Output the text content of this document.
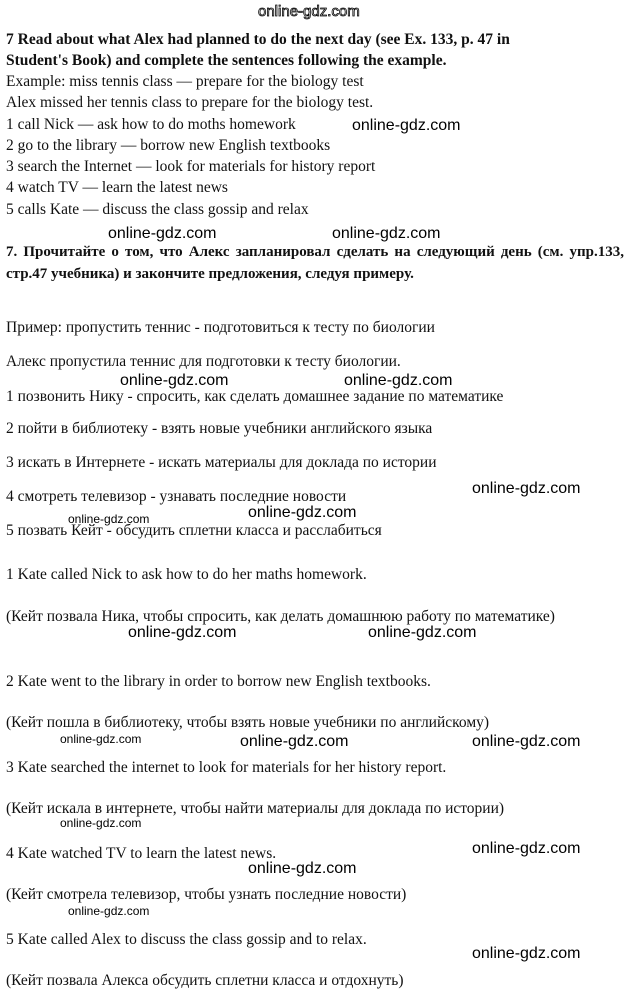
online-gdz.com
online-gdz.com
online-gdz.com	online-gdz.com
online-gdz.com	online-gdz.com
online-gdz.com
online-gdz.com
online-gdz.com
online-gdz.com	online-gdz.com
online-gdz.com	online-gdz.com	online-gdz.com
online-gdz.com
online-gdz.com
online-gdz.com
online-gdz.com
online-gdz.com
7 Read about what Alex had planned to do the next day (see Ex. 133, p. 47 in
Student's Book) and complete the sentences following the example.
Example: miss tennis class — prepare for the biology test
Alex missed her tennis class to prepare for the biology test.
1 call Nick — ask how to do moths homework
2 go to the library — borrow new English textbooks
3 search the Internet — look for materials for history report
4 watch TV — learn the latest news
5 calls Kate — discuss the class gossip and relax
7. Прочитайте о том, что Алекс запланировал сделать на следующий день (см. упр.133, стр.47 учебника) и закончите предложения, следуя примеру.
Пример: пропустить теннис - подготовиться к тесту по биологии
Алекс пропустила теннис для подготовки к тесту биологии.
1 позвонить Нику - спросить, как сделать домашнее задание по математике
2 пойти в библиотеку - взять новые учебники английского языка
3 искать в Интернете - искать материалы для доклада по истории
4 смотреть телевизор - узнавать последние новости
5 позвать Кейт - обсудить сплетни класса и расслабиться
1 Kate called Nick to ask how to do her maths homework.
(Кейт позвала Ника, чтобы спросить, как делать домашнюю работу по математике)
2 Kate went to the library in order to borrow new English textbooks.
(Кейт пошла в библиотеку, чтобы взять новые учебники по английскому)
3 Kate searched the internet to look for materials for her history report.
(Кейт искала в интернете, чтобы найти материалы для доклада по истории)
4 Kate watched TV to learn the latest news.
(Кейт смотрела телевизор, чтобы узнать последние новости)
5 Kate called Alex to discuss the class gossip and to relax.
(Кейт позвала Алекса обсудить сплетни класса и отдохнуть)
